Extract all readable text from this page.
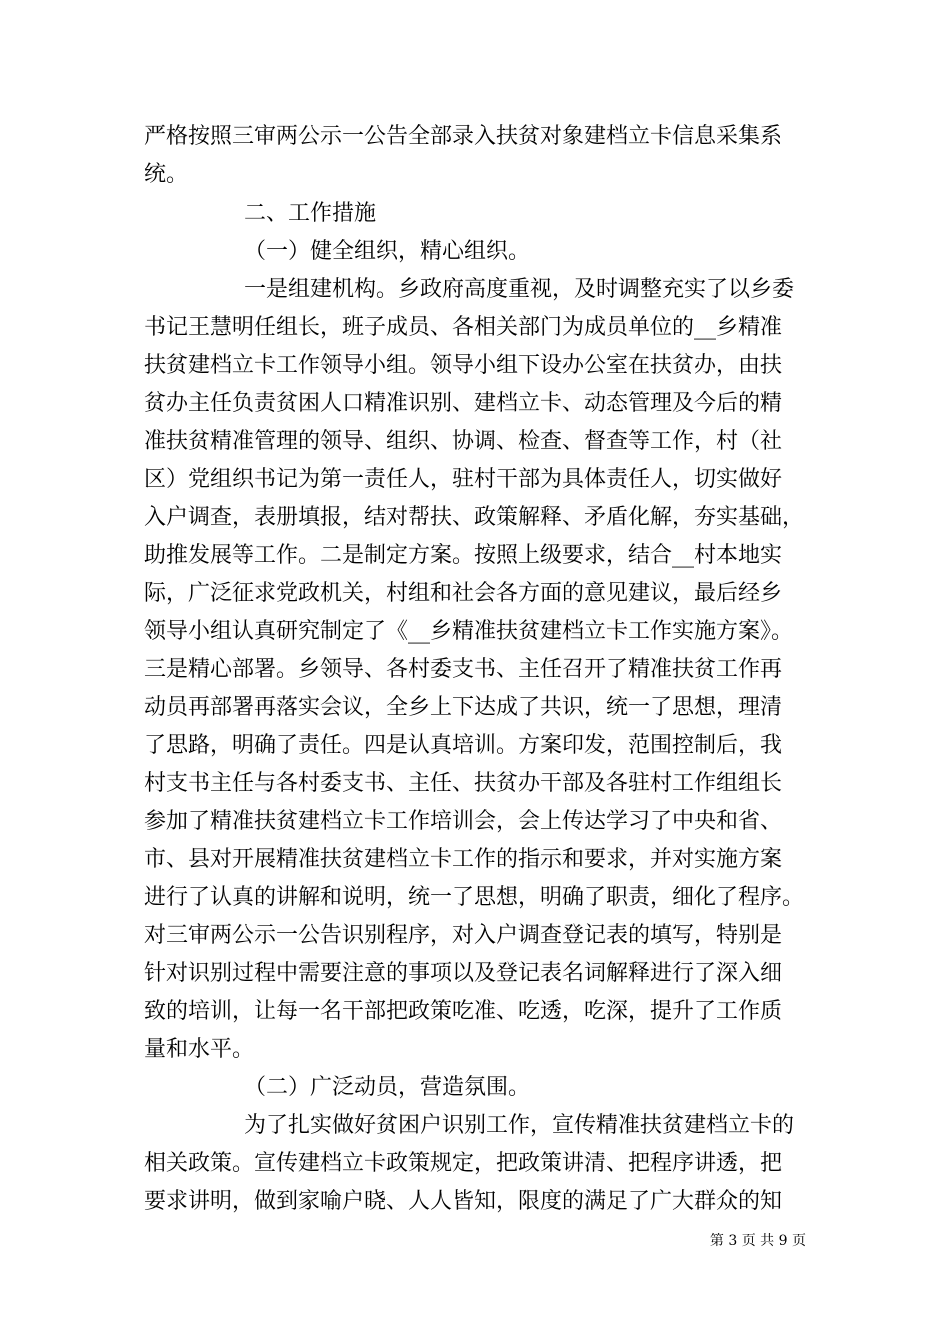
严格按照三审两公示一公告全部录入扶贫对象建档立卡信息采集系
统。
二、工作措施
（一）健全组织，精心组织。
一是组建机构。乡政府高度重视，及时调整充实了以乡委
书记王慧明任组长，班子成员、各相关部门为成员单位的__乡精准
扶贫建档立卡工作领导小组。领导小组下设办公室在扶贫办，由扶
贫办主任负责贫困人口精准识别、建档立卡、动态管理及今后的精
准扶贫精准管理的领导、组织、协调、检查、督查等工作，村（社
区）党组织书记为第一责任人，驻村干部为具体责任人，切实做好
入户调查，表册填报，结对帮扶、政策解释、矛盾化解，夯实基础，
助推发展等工作。二是制定方案。按照上级要求，结合__村本地实
际，广泛征求党政机关，村组和社会各方面的意见建议，最后经乡
领导小组认真研究制定了《__乡精准扶贫建档立卡工作实施方案》。
三是精心部署。乡领导、各村委支书、主任召开了精准扶贫工作再
动员再部署再落实会议，全乡上下达成了共识，统一了思想，理清
了思路，明确了责任。四是认真培训。方案印发，范围控制后，我
村支书主任与各村委支书、主任、扶贫办干部及各驻村工作组组长
参加了精准扶贫建档立卡工作培训会，会上传达学习了中央和省、
市、县对开展精准扶贫建档立卡工作的指示和要求，并对实施方案
进行了认真的讲解和说明，统一了思想，明确了职责，细化了程序。
对三审两公示一公告识别程序，对入户调查登记表的填写，特别是
针对识别过程中需要注意的事项以及登记表名词解释进行了深入细
致的培训，让每一名干部把政策吃准、吃透，吃深，提升了工作质
量和水平。
（二）广泛动员，营造氛围。
为了扎实做好贫困户识别工作，宣传精准扶贫建档立卡的
相关政策。宣传建档立卡政策规定，把政策讲清、把程序讲透，把
要求讲明，做到家喻户晓、人人皆知，限度的满足了广大群众的知
第 3 页 共 9 页
